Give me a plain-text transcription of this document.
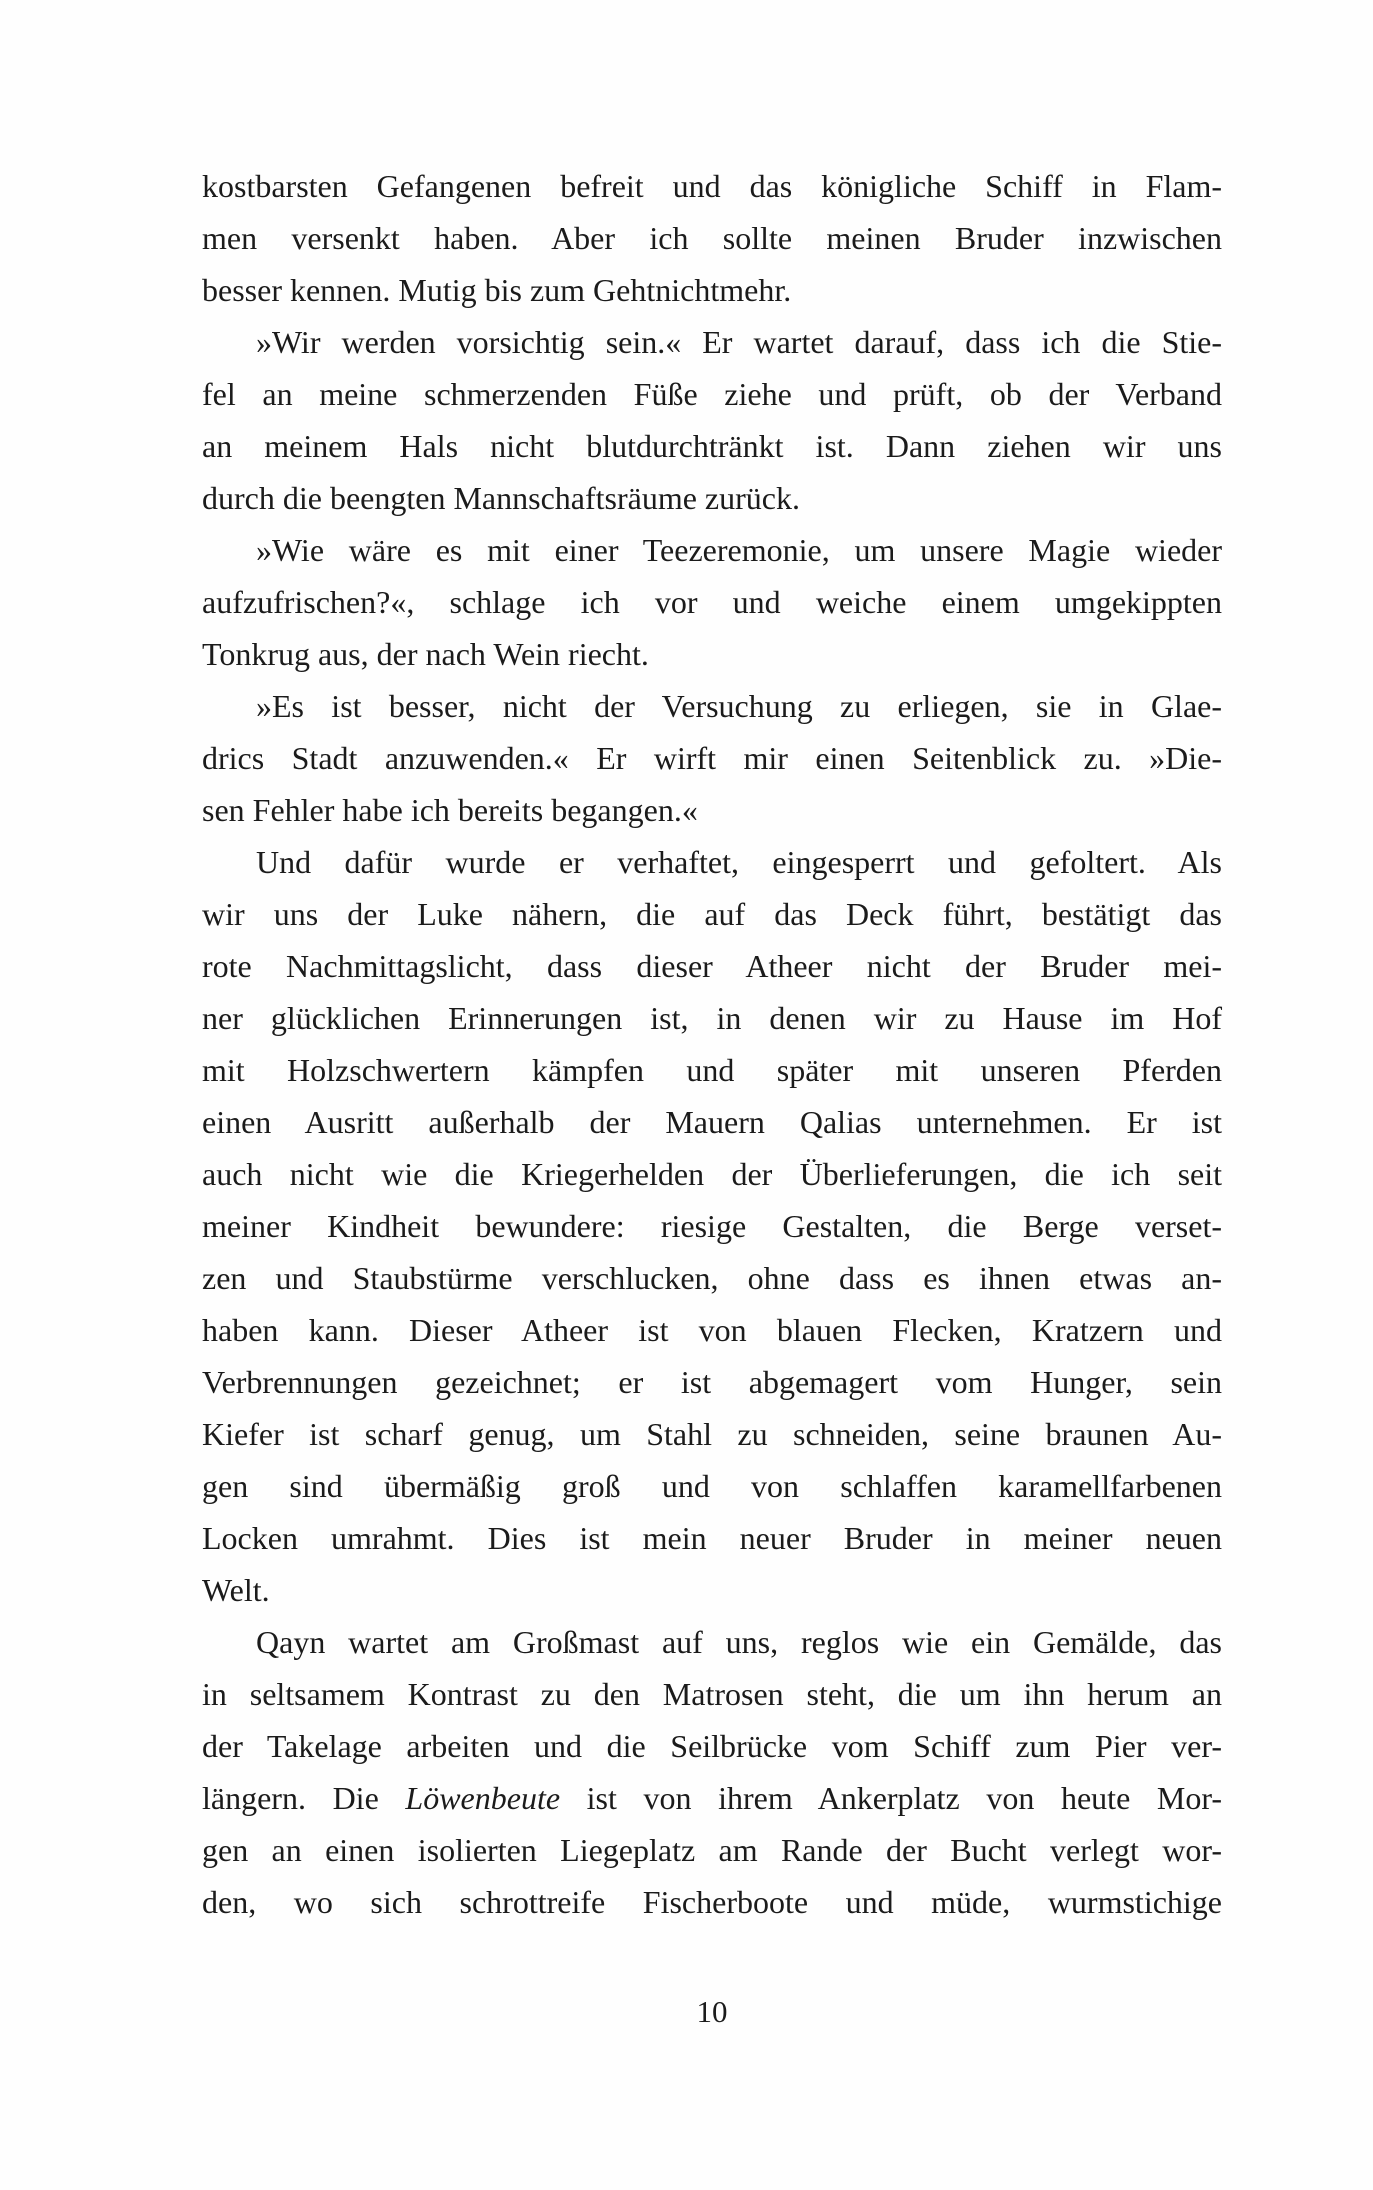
kostbarsten Gefangenen befreit und das königliche Schiff in Flam-
men versenkt haben. Aber ich sollte meinen Bruder inzwischen
besser kennen. Mutig bis zum Gehtnichtmehr.
»Wir werden vorsichtig sein.« Er wartet darauf, dass ich die Stie-
fel an meine schmerzenden Füße ziehe und prüft, ob der Verband
an meinem Hals nicht blutdurchtränkt ist. Dann ziehen wir uns
durch die beengten Mannschaftsräume zurück.
»Wie wäre es mit einer Teezeremonie, um unsere Magie wieder
aufzufrischen?«, schlage ich vor und weiche einem umgekippten
Tonkrug aus, der nach Wein riecht.
»Es ist besser, nicht der Versuchung zu erliegen, sie in Glae-
drics Stadt anzuwenden.« Er wirft mir einen Seitenblick zu. »Die-
sen Fehler habe ich bereits begangen.«
Und dafür wurde er verhaftet, eingesperrt und gefoltert. Als
wir uns der Luke nähern, die auf das Deck führt, bestätigt das
rote Nachmittagslicht, dass dieser Atheer nicht der Bruder mei-
ner glücklichen Erinnerungen ist, in denen wir zu Hause im Hof
mit Holzschwertern kämpfen und später mit unseren Pferden
einen Ausritt außerhalb der Mauern Qalias unternehmen. Er ist
auch nicht wie die Kriegerhelden der Überlieferungen, die ich seit
meiner Kindheit bewundere: riesige Gestalten, die Berge verset-
zen und Staubstürme verschlucken, ohne dass es ihnen etwas an-
haben kann. Dieser Atheer ist von blauen Flecken, Kratzern und
Verbrennungen gezeichnet; er ist abgemagert vom Hunger, sein
Kiefer ist scharf genug, um Stahl zu schneiden, seine braunen Au-
gen sind übermäßig groß und von schlaffen karamellfarbenen
Locken umrahmt. Dies ist mein neuer Bruder in meiner neuen
Welt.
Qayn wartet am Großmast auf uns, reglos wie ein Gemälde, das
in seltsamem Kontrast zu den Matrosen steht, die um ihn herum an
der Takelage arbeiten und die Seilbrücke vom Schiff zum Pier ver-
längern. Die Löwenbeute ist von ihrem Ankerplatz von heute Mor-
gen an einen isolierten Liegeplatz am Rande der Bucht verlegt wor-
den, wo sich schrottreife Fischerboote und müde, wurmstichige
10
